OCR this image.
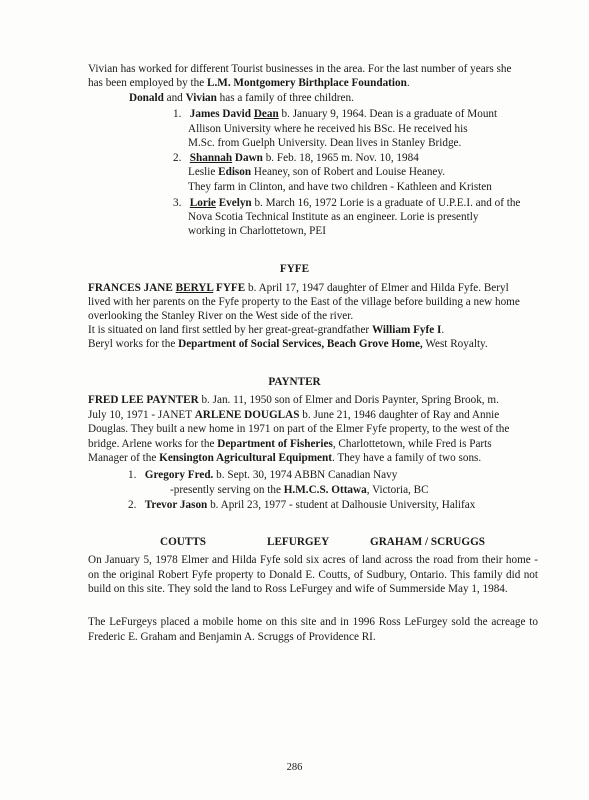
Vivian has worked for different Tourist businesses in the area. For the last number of years she

has been employed by the L.M. Montgomery Birthplace Foundation.

Donald and Vivian has a family of three children.

1. James David Dean b. January 9, 1964. Dean is a graduate of Mount

Allison University where he received his BSc. He received his

M.Sc. from Guelph University. Dean lives in Stanley Bridge.

2. Shannah Dawn b. Feb. 18, 1965 m. Nov. 10, 1984

Leslie Edison Heaney, son of Robert and Louise Heaney.

They farm in Clinton, and have two children - Kathleen and Kristen

3. Lorie Evelyn b. March 16, 1972 Lorie is a graduate of U.P.E.I. and of the

Nova Scotia Technical Institute as an engineer. Lorie is presently

working in Charlottetown, PEI

FYFE

FRANCES JANE BERYL FYFE b. April 17, 1947 daughter of Elmer and Hilda Fyfe. Beryl

lived with her parents on the Fyfe property to the East of the village before building a new home

overlooking the Stanley River on the West side of the river.

It is situated on land first settled by her great-great-grandfather William Fyfe I.

Beryl works for the Department of Social Services, Beach Grove Home, West Royalty.

PAYNTER

FRED LEE PAYNTER b. Jan. 11, 1950 son of Elmer and Doris Paynter, Spring Brook, m.

July 10, 1971 - JANET ARLENE DOUGLAS b. June 21, 1946 daughter of Ray and Annie

Douglas. They built a new home in 1971 on part of the Elmer Fyfe property, to the west of the

bridge. Arlene works for the Department of Fisheries, Charlottetown, while Fred is Parts

Manager of the Kensington Agricultural Equipment. They have a family of two sons.

1. Gregory Fred. b. Sept. 30, 1974 ABBN Canadian Navy

-presently serving on the H.M.C.S. Ottawa, Victoria, BC

2. Trevor Jason b. April 23, 1977 - student at Dalhousie University, Halifax

COUTTS	LEFURGEY	GRAHAM / SCRUGGS

On January 5, 1978 Elmer and Hilda Fyfe sold six acres of land across the road from their home - on the original Robert Fyfe property to Donald E. Coutts, of Sudbury, Ontario. This family did not build on this site. They sold the land to Ross LeFurgey and wife of Summerside May 1, 1984.

The LeFurgeys placed a mobile home on this site and in 1996 Ross LeFurgey sold the acreage to Frederic E. Graham and Benjamin A. Scruggs of Providence RI.

286
